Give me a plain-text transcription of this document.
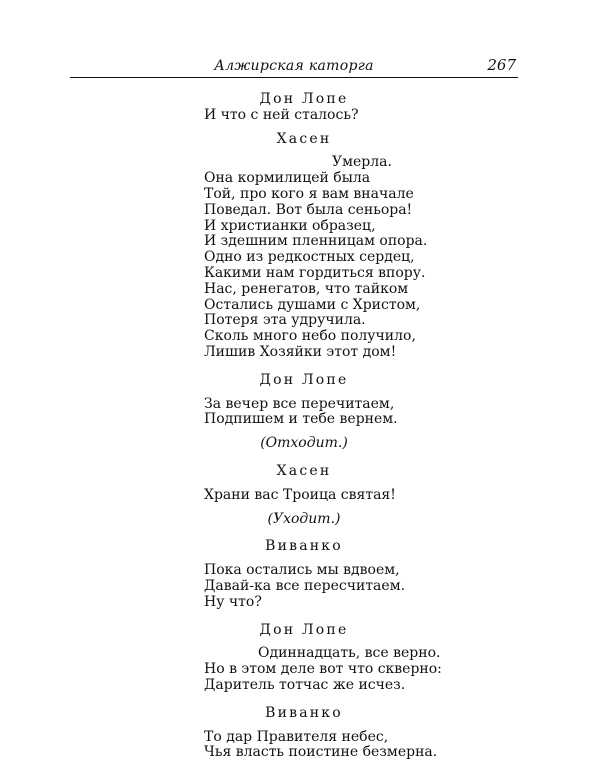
Алжирская каторга	267

Дон Лопе

И что с ней сталось?

Хасен

Умерла.

Она кормилицей была

Той, про кого я вам вначале

Поведал. Вот была сеньора!

И христианки образец,

И здешним пленницам опора.

Одно из редкостных сердец,

Какими нам гордиться впору.

Нас, ренегатов, что тайком

Остались душами с Христом,

Потеря эта удручила.

Сколь много небо получило,

Лишив Хозяйки этот дом!

Дон Лопе

За вечер все перечитаем,

Подпишем и тебе вернем.

(Отходит.)

Хасен

Храни вас Троица святая!

(Уходит.)

Виванко

Пока остались мы вдвоем,

Давай-ка все пересчитаем.

Ну что?

Дон Лопе

Одиннадцать, все верно.

Но в этом деле вот что скверно:

Даритель тотчас же исчез.

Виванко

То дар Правителя небес,

Чья власть поистине безмерна.
